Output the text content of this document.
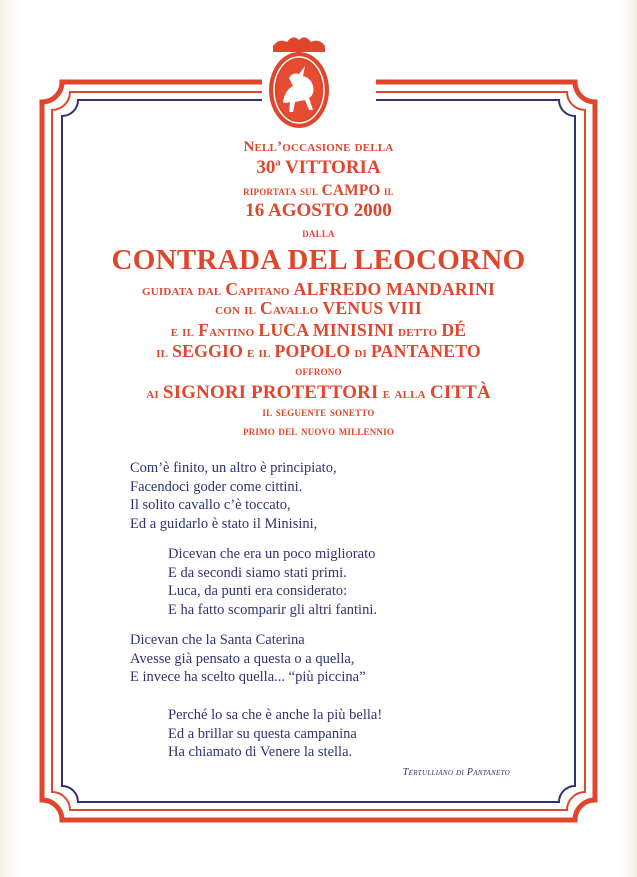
Nell’occasione della
30$^a$ VITTORIA
riportata sul CAMPO il
16 AGOSTO 2000
dalla
CONTRADA DEL LEOCORNO
guidata dal Capitano ALFREDO MANDARINI
con il Cavallo VENUS VIII
e il Fantino LUCA MINISINI detto DÉ
il SEGGIO e il POPOLO di PANTANETO
offrono
ai SIGNORI PROTETTORI e alla CITTÀ
il seguente sonetto
primo del nuovo millennio
Com’è finito, un altro è principiato,
Facendoci goder come cittini.
Il solito cavallo c’è toccato,
Ed a guidarlo è stato il Minisini,
Dicevan che era un poco migliorato
E da secondi siamo stati primi.
Luca, da punti era considerato:
E ha fatto scomparir gli altri fantini.
Dicevan che la Santa Caterina
Avesse già pensato a questa o a quella,
E invece ha scelto quella... “più piccina”
Perché lo sa che è anche la più bella!
Ed a brillar su questa campanina
Ha chiamato di Venere la stella.
Tertulliano di Pantaneto
